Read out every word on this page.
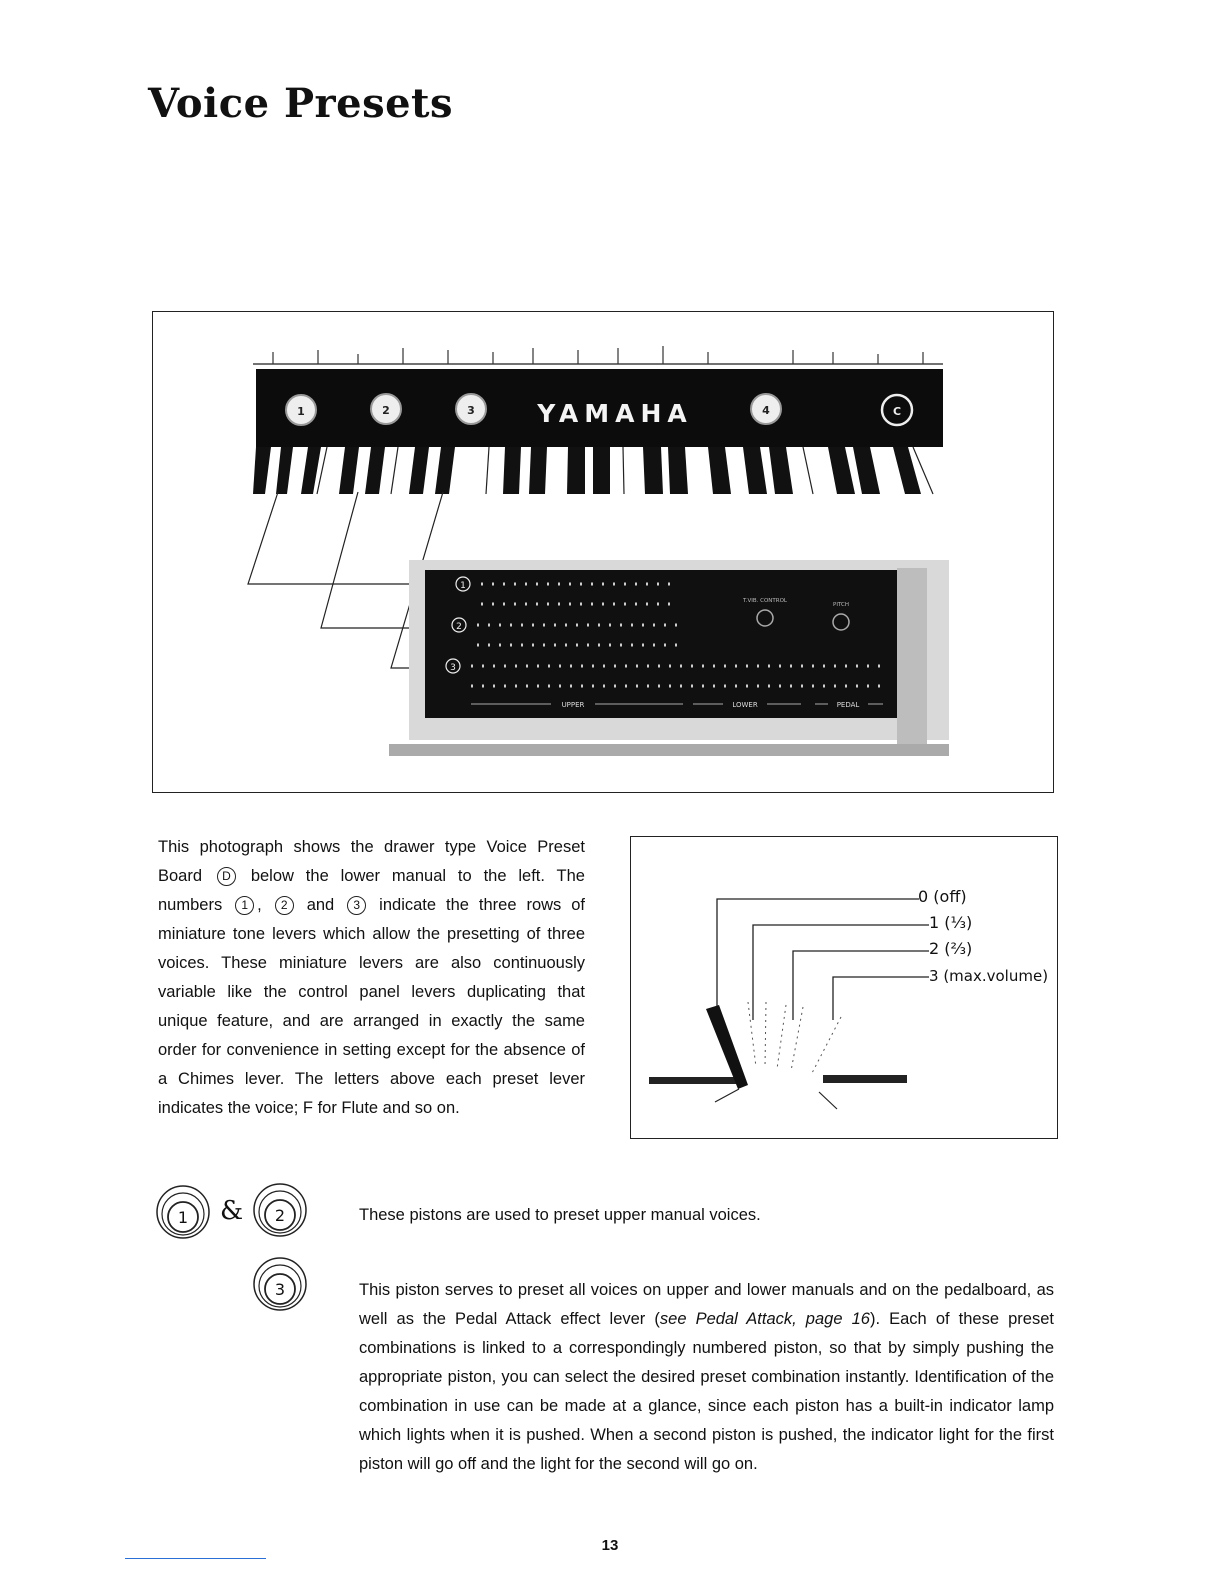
Voice Presets
1	2	3	4	C
YAMAHA
1
2
3
T.VIB. CONTROL
PITCH
UPPER	LOWER	PEDAL

This photograph shows the drawer type Voice Preset Board D below the lower manual to the left. The numbers 1 , 2 and 3 indicate the three rows of miniature tone levers which allow the presetting of three voices. These miniature levers are also continuously variable like the control panel levers duplicating that unique feature, and are arranged in exactly the same order for convenience in setting except for the absence of a Chimes lever. The letters above each preset lever indicates the voice; F for Flute and so on.

0 (off)
1 (⅓)
2 (⅔)
3 (max.volume)
1 & 2
3

These pistons are used to preset upper manual voices.

This piston serves to preset all voices on upper and lower manuals and on the pedalboard, as well as the Pedal Attack effect lever (see Pedal Attack, page 16). Each of these preset combinations is linked to a correspondingly numbered piston, so that by simply pushing the appropriate piston, you can select the desired preset combination instantly. Identification of the combination in use can be made at a glance, since each piston has a built-in indicator lamp which lights when it is pushed. When a second piston is pushed, the indicator light for the first piston will go off and the light for the second will go on.

13
